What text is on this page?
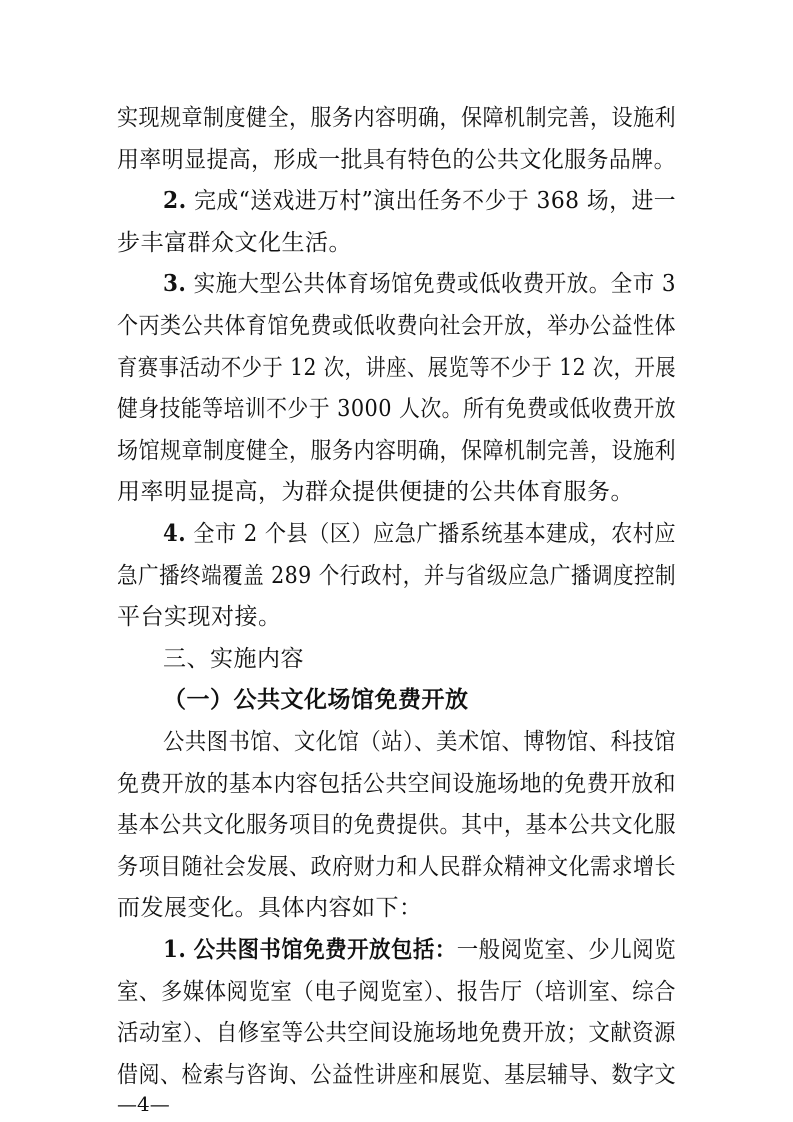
实现规章制度健全，服务内容明确，保障机制完善，设施利
用率明显提高，形成一批具有特色的公共文化服务品牌。
2. 完成“送戏进万村”演出任务不少于 368 场，进一
步丰富群众文化生活。
3. 实施大型公共体育场馆免费或低收费开放。全市 3
个丙类公共体育馆免费或低收费向社会开放，举办公益性体
育赛事活动不少于 12 次，讲座、展览等不少于 12 次，开展
健身技能等培训不少于 3000 人次。所有免费或低收费开放
场馆规章制度健全，服务内容明确，保障机制完善，设施利
用率明显提高，为群众提供便捷的公共体育服务。
4. 全市 2 个县（区）应急广播系统基本建成，农村应
急广播终端覆盖 289 个行政村，并与省级应急广播调度控制
平台实现对接。
三、实施内容
（一）公共文化场馆免费开放
公共图书馆、文化馆（站）、美术馆、博物馆、科技馆
免费开放的基本内容包括公共空间设施场地的免费开放和
基本公共文化服务项目的免费提供。其中，基本公共文化服
务项目随社会发展、政府财力和人民群众精神文化需求增长
而发展变化。具体内容如下：
1. 公共图书馆免费开放包括：一般阅览室、少儿阅览
室、多媒体阅览室（电子阅览室）、报告厅（培训室、综合
活动室）、自修室等公共空间设施场地免费开放；文献资源
借阅、检索与咨询、公益性讲座和展览、基层辅导、数字文
—4—
